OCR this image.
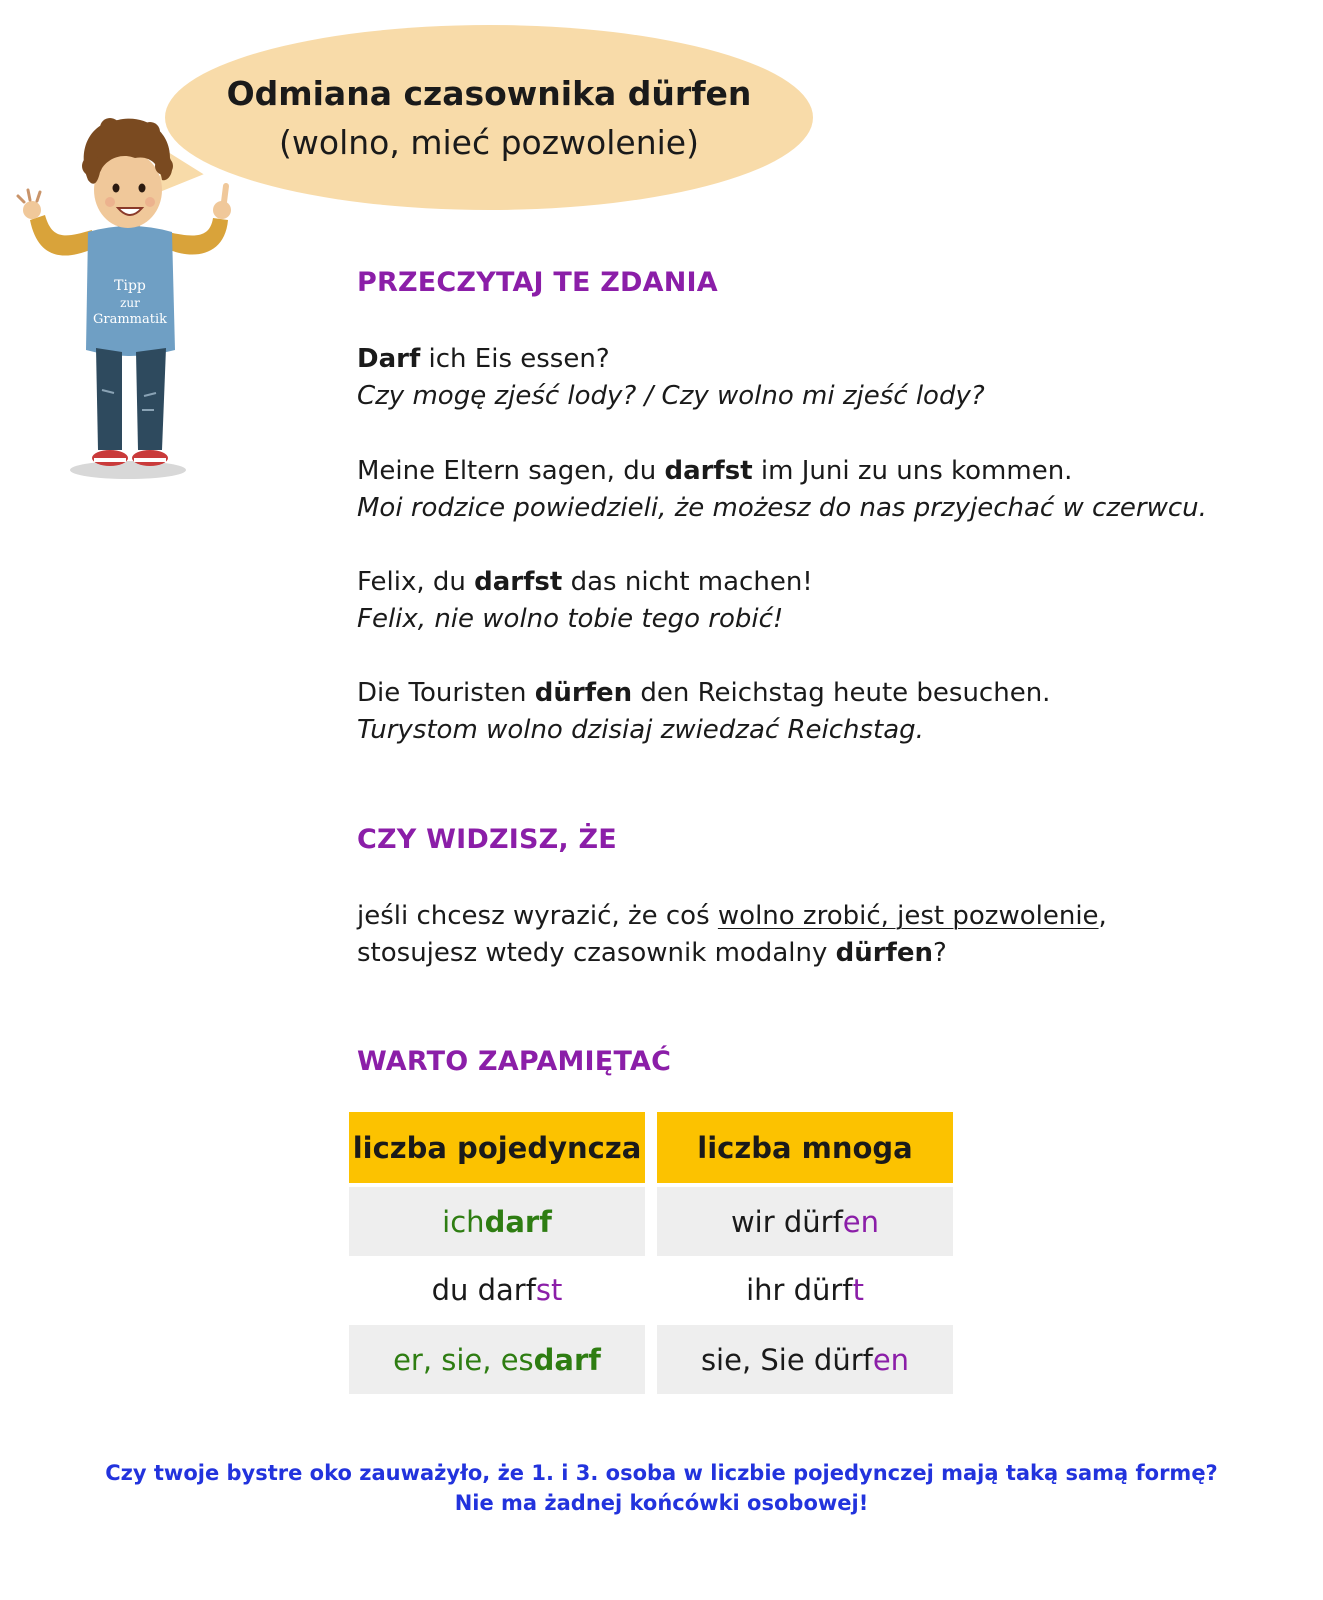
Odmiana czasownika dürfen
(wolno, mieć pozwolenie)
Tipp
zur
Grammatik
PRZECZYTAJ TE ZDANIA
Darf ich Eis essen?
Czy mogę zjeść lody? / Czy wolno mi zjeść lody?
Meine Eltern sagen, du darfst im Juni zu uns kommen.
Moi rodzice powiedzieli, że możesz do nas przyjechać w czerwcu.
Felix, du darfst das nicht machen!
Felix, nie wolno tobie tego robić!
Die Touristen dürfen den Reichstag heute besuchen.
Turystom wolno dzisiaj zwiedzać Reichstag.
CZY WIDZISZ, ŻE
jeśli chcesz wyrazić, że coś wolno zrobić, jest pozwolenie,
stosujesz wtedy czasownik modalny dürfen?
WARTO ZAPAMIĘTAĆ
liczba pojedyncza	liczba mnoga
ich darf	wir dürf en
du darf st	ihr dürf t
er, sie, es darf	sie, Sie dürf en
Czy twoje bystre oko zauważyło, że 1. i 3. osoba w liczbie pojedynczej mają taką samą formę?
Nie ma żadnej końcówki osobowej!
